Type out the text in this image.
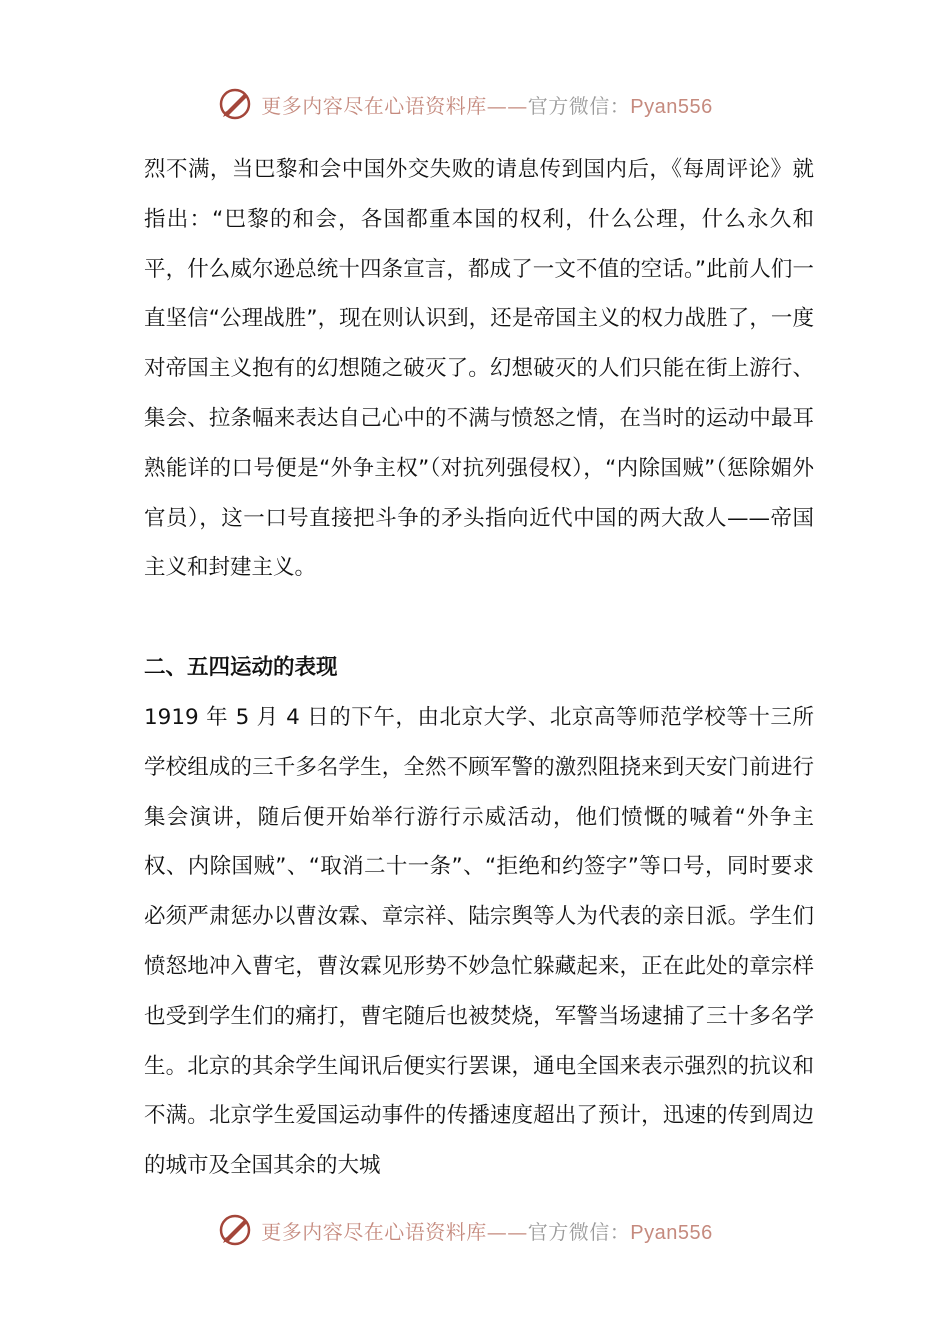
更多内容尽在心语资料库——官方微信：Pyan556

烈不满，当巴黎和会中国外交失败的请息传到国内后，《每周评论》就指出：“巴黎的和会，各国都重本国的权利，什么公理，什么永久和平，什么威尔逊总统十四条宣言，都成了一文不值的空话。”此前人们一直坚信“公理战胜”，现在则认识到，还是帝国主义的权力战胜了，一度对帝国主义抱有的幻想随之破灭了。幻想破灭的人们只能在街上游行、集会、拉条幅来表达自己心中的不满与愤怒之情，在当时的运动中最耳熟能详的口号便是“外争主权”（对抗列强侵权），“内除国贼”（惩除媚外官员），这一口号直接把斗争的矛头指向近代中国的两大敌人——帝国主义和封建主义。

二、五四运动的表现

1919 年 5 月 4 日的下午，由北京大学、北京高等师范学校等十三所学校组成的三千多名学生，全然不顾军警的激烈阻挠来到天安门前进行集会演讲，随后便开始举行游行示威活动，他们愤慨的喊着“外争主权、内除国贼”、“取消二十一条”、“拒绝和约签字”等口号，同时要求必须严肃惩办以曹汝霖、章宗祥、陆宗舆等人为代表的亲日派。学生们愤怒地冲入曹宅，曹汝霖见形势不妙急忙躲藏起来，正在此处的章宗样也受到学生们的痛打，曹宅随后也被焚烧，军警当场逮捕了三十多名学生。北京的其余学生闻讯后便实行罢课，通电全国来表示强烈的抗议和不满。北京学生爱国运动事件的传播速度超出了预计，迅速的传到周边的城市及全国其余的大城

更多内容尽在心语资料库——官方微信：Pyan556
